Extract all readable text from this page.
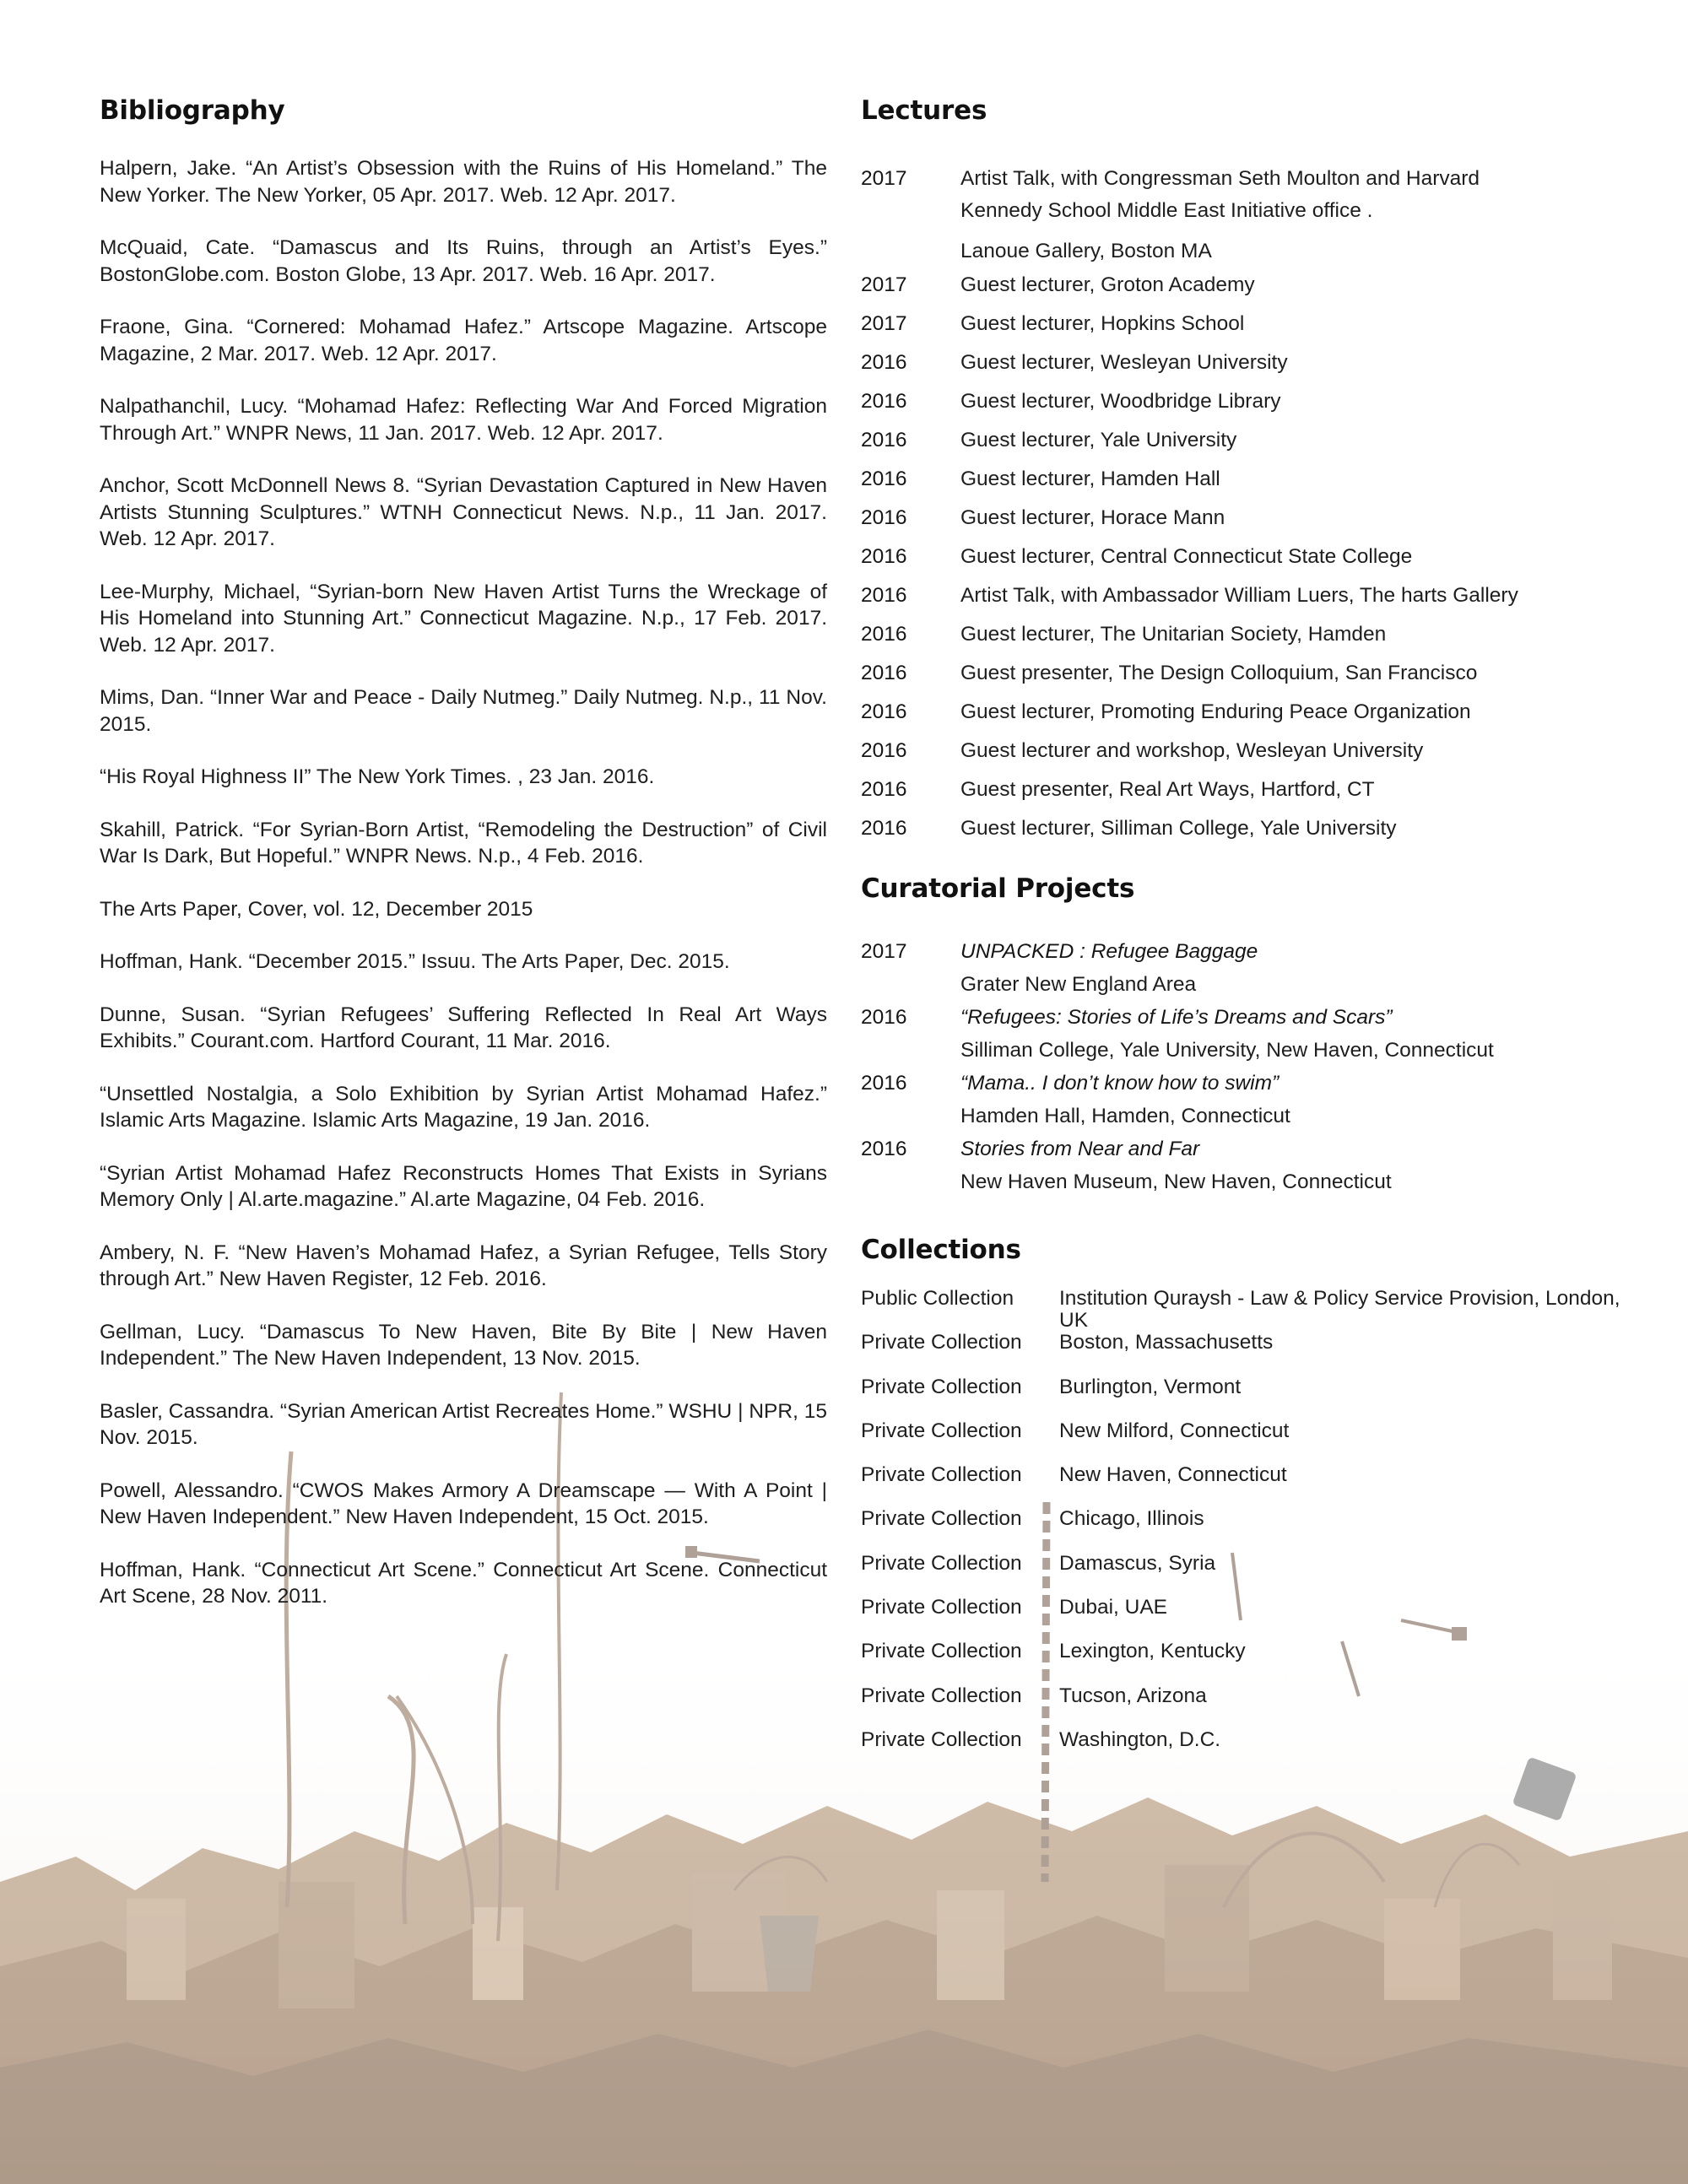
Bibliography

Halpern, Jake. “An Artist’s Obsession with the Ruins of His Homeland.” The New Yorker. The New Yorker, 05 Apr. 2017. Web. 12 Apr. 2017.

McQuaid, Cate. “Damascus and Its Ruins, through an Artist’s Eyes.” BostonGlobe.com. Boston Globe, 13 Apr. 2017. Web. 16 Apr. 2017.

Fraone, Gina. “Cornered: Mohamad Hafez.” Artscope Magazine. Artscope Magazine, 2 Mar. 2017. Web. 12 Apr. 2017.

Nalpathanchil, Lucy. “Mohamad Hafez: Reflecting War And Forced Migration Through Art.” WNPR News, 11 Jan. 2017. Web. 12 Apr. 2017.

Anchor, Scott McDonnell News 8. “Syrian Devastation Captured in New Haven Artists Stunning Sculptures.” WTNH Connecticut News. N.p., 11 Jan. 2017. Web. 12 Apr. 2017.

Lee-Murphy, Michael, “Syrian-born New Haven Artist Turns the Wreckage of His Homeland into Stunning Art.” Connecticut Magazine. N.p., 17 Feb. 2017. Web. 12 Apr. 2017.

Mims, Dan. “Inner War and Peace - Daily Nutmeg.” Daily Nutmeg. N.p., 11 Nov. 2015.

“His Royal Highness II” The New York Times. , 23 Jan. 2016.

Skahill, Patrick. “For Syrian-Born Artist, “Remodeling the Destruction” of Civil War Is Dark, But Hopeful.” WNPR News. N.p., 4 Feb. 2016.

The Arts Paper, Cover, vol. 12, December 2015

Hoffman, Hank. “December 2015.” Issuu. The Arts Paper, Dec. 2015.

Dunne, Susan. “Syrian Refugees’ Suffering Reflected In Real Art Ways Exhibits.” Courant.com. Hartford Courant, 11 Mar. 2016.

“Unsettled Nostalgia, a Solo Exhibition by Syrian Artist Mohamad Hafez.” Islamic Arts Magazine. Islamic Arts Magazine, 19 Jan. 2016.

“Syrian Artist Mohamad Hafez Reconstructs Homes That Exists in Syrians Memory Only | Al.arte.magazine.” Al.arte Magazine, 04 Feb. 2016.

Ambery, N. F. “New Haven’s Mohamad Hafez, a Syrian Refugee, Tells Story through Art.” New Haven Register, 12 Feb. 2016.

Gellman, Lucy. “Damascus To New Haven, Bite By Bite | New Haven Independent.” The New Haven Independent, 13 Nov. 2015.

Basler, Cassandra. “Syrian American Artist Recreates Home.” WSHU | NPR, 15 Nov. 2015.

Powell, Alessandro. “CWOS Makes Armory A Dreamscape — With A Point | New Haven Independent.” New Haven Independent, 15 Oct. 2015.

Hoffman, Hank. “Connecticut Art Scene.” Connecticut Art Scene. Connecticut Art Scene, 28 Nov. 2011.

Lectures
2017	Artist Talk, with Congressman Seth Moulton and Harvard
Kennedy School Middle East Initiative office .
Lanoue Gallery, Boston MA
2017	Guest lecturer, Groton Academy
2017	Guest lecturer, Hopkins School
2016	Guest lecturer, Wesleyan University
2016	Guest lecturer, Woodbridge Library
2016	Guest lecturer, Yale University
2016	Guest lecturer, Hamden Hall
2016	Guest lecturer, Horace Mann
2016	Guest lecturer, Central Connecticut State College
2016	Artist Talk, with Ambassador William Luers, The harts Gallery
2016	Guest lecturer, The Unitarian Society, Hamden
2016	Guest presenter, The Design Colloquium, San Francisco
2016	Guest lecturer, Promoting Enduring Peace Organization
2016	Guest lecturer and workshop, Wesleyan University
2016	Guest presenter, Real Art Ways, Hartford, CT
2016	Guest lecturer, Silliman College, Yale University
Curatorial Projects
2017	UNPACKED : Refugee Baggage
Grater New England Area
2016	“Refugees: Stories of Life’s Dreams and Scars”
Silliman College, Yale University, New Haven, Connecticut
2016	“Mama.. I don’t know how to swim”
Hamden Hall, Hamden, Connecticut
2016	Stories from Near and Far
New Haven Museum, New Haven, Connecticut
Collections
Public Collection	Institution Quraysh - Law & Policy Service Provision, London, UK
Private Collection	Boston, Massachusetts
Private Collection	Burlington, Vermont
Private Collection	New Milford, Connecticut
Private Collection	New Haven, Connecticut
Private Collection	Chicago, Illinois
Private Collection	Damascus, Syria
Private Collection	Dubai, UAE
Private Collection	Lexington, Kentucky
Private Collection	Tucson, Arizona
Private Collection	Washington, D.C.
